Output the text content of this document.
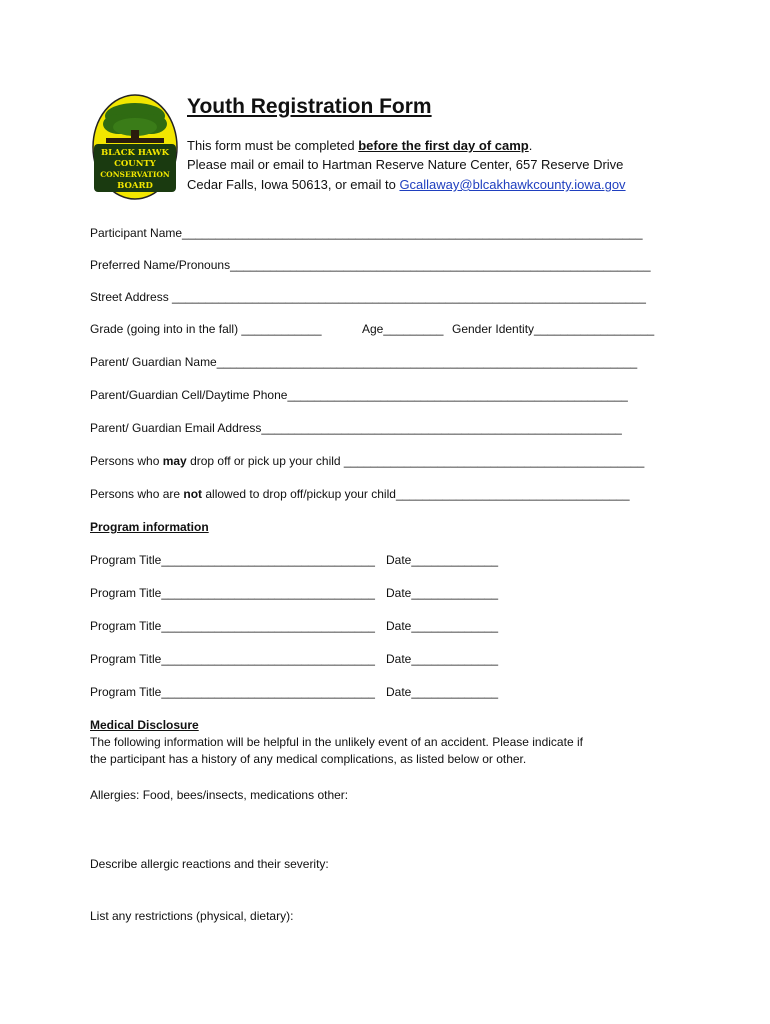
BLACK HAWK
COUNTY
CONSERVATION
BOARD
Youth Registration Form
This form must be completed before the first day of camp.
Please mail or email to Hartman Reserve Nature Center, 657 Reserve Drive
Cedar Falls, Iowa 50613, or email to Gcallaway@blcakhawkcounty.iowa.gov
Participant Name_____________________________________________________________________
Preferred Name/Pronouns_______________________________________________________________
Street Address _______________________________________________________________________
Grade (going into in the fall) ____________	Age_________ Gender Identity__________________
Parent/ Guardian Name_______________________________________________________________
Parent/Guardian Cell/Daytime Phone___________________________________________________
Parent/ Guardian Email Address______________________________________________________
Persons who may drop off or pick up your child _____________________________________________
Persons who are not allowed to drop off/pickup your child___________________________________
Program information
Program Title________________________________ Date_____________
Program Title________________________________ Date_____________
Program Title________________________________ Date_____________
Program Title________________________________ Date_____________
Program Title________________________________ Date_____________
Medical Disclosure
The following information will be helpful in the unlikely event of an accident. Please indicate if
the participant has a history of any medical complications, as listed below or other.
Allergies: Food, bees/insects, medications other:
Describe allergic reactions and their severity:
List any restrictions (physical, dietary):
